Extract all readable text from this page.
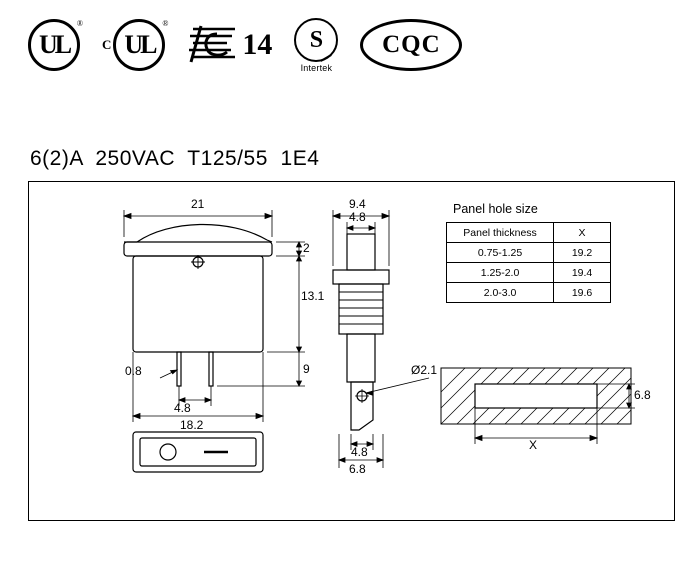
UL
®
C UL
®
14 S
Intertek
CQC

6(2)A  250VAC  T125/55  1E4

21
2
13.1
9
0.8
4.8
18.2
9.4
4.8
Ø2.1
4.8
6.8
X
6.8
Panel hole size
Panel thickness	X
0.75-1.25	19.2
1.25-2.0	19.4
2.0-3.0	19.6
